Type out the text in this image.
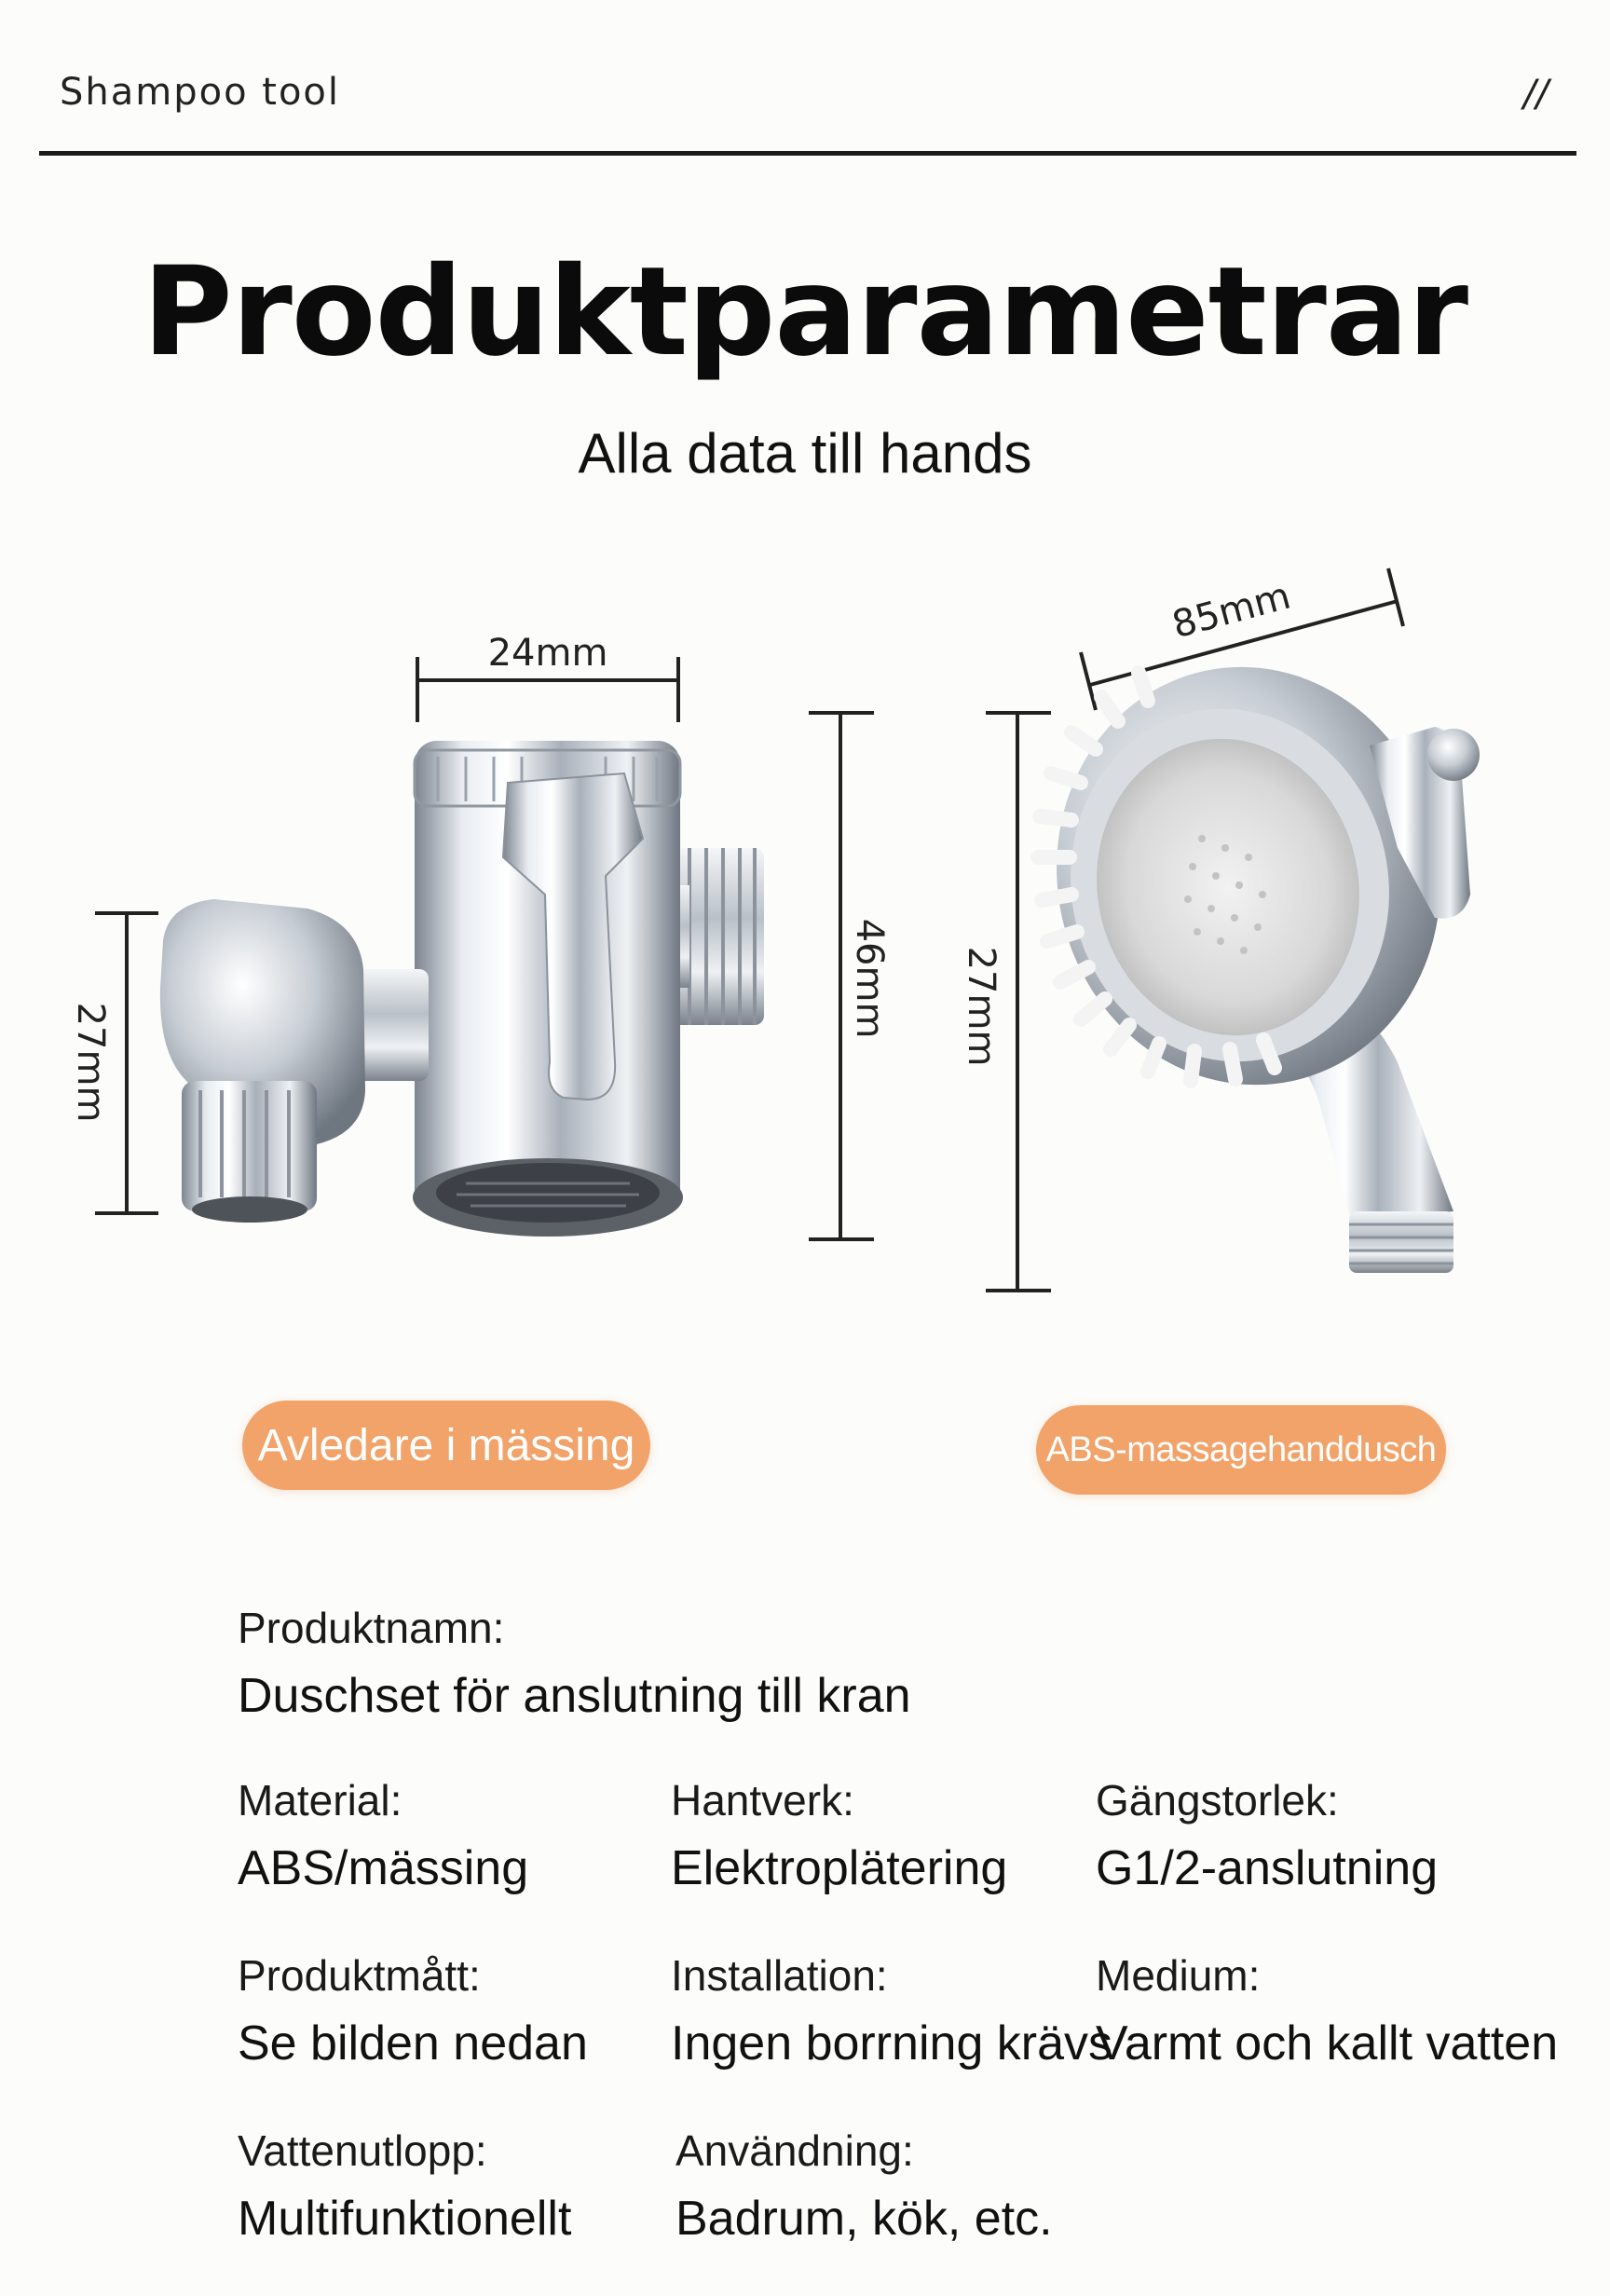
Shampoo tool	//
Produktparametrar
Alla data till hands
24mm
46mm
27mm
85mm
27mm
Avledare i mässing	ABS-massagehanddusch
Produktnamn:
Duschset för anslutning till kran
Material:
ABS/mässing
Hantverk:
Elektroplätering
Gängstorlek:
G1/2-anslutning
Produktmått:
Se bilden nedan
Installation:
Ingen borrning krävs
Medium:
Varmt och kallt vatten
Vattenutlopp:
Multifunktionellt
Användning:
Badrum, kök, etc.
